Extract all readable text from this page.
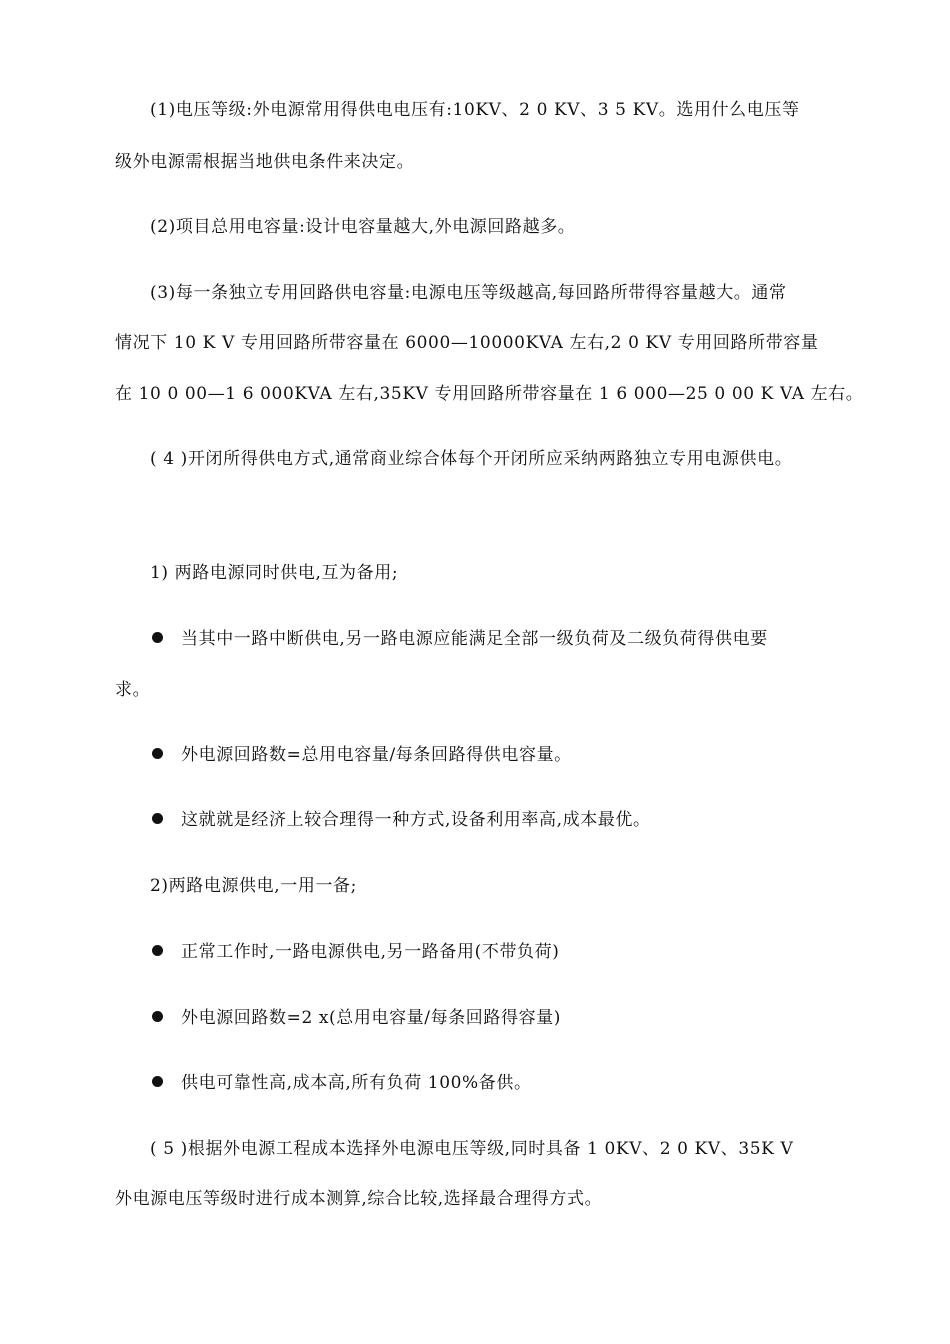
(1)电压等级:外电源常用得供电电压有:10KV、2 0 KV、3 5 KV。选用什么电压等
级外电源需根据当地供电条件来决定。
(2)项目总用电容量:设计电容量越大,外电源回路越多。
(3)每一条独立专用回路供电容量:电源电压等级越高,每回路所带得容量越大。通常
情况下 10 K V 专用回路所带容量在 6000—10000KVA 左右,2 0 KV 专用回路所带容量
在 10 0 00—1 6 000KVA 左右,35KV 专用回路所带容量在 1 6 000—25 0 00 K VA 左右。
( 4 )开闭所得供电方式,通常商业综合体每个开闭所应采纳两路独立专用电源供电。
1) 两路电源同时供电,互为备用;
当其中一路中断供电,另一路电源应能满足全部一级负荷及二级负荷得供电要
求。
外电源回路数=总用电容量/每条回路得供电容量。
这就就是经济上较合理得一种方式,设备利用率高,成本最优。
2)两路电源供电,一用一备;
正常工作时,一路电源供电,另一路备用(不带负荷)
外电源回路数=2 x(总用电容量/每条回路得容量)
供电可靠性高,成本高,所有负荷 100%备供。
( 5 )根据外电源工程成本选择外电源电压等级,同时具备 1 0KV、2 0 KV、35K V
外电源电压等级时进行成本测算,综合比较,选择最合理得方式。
